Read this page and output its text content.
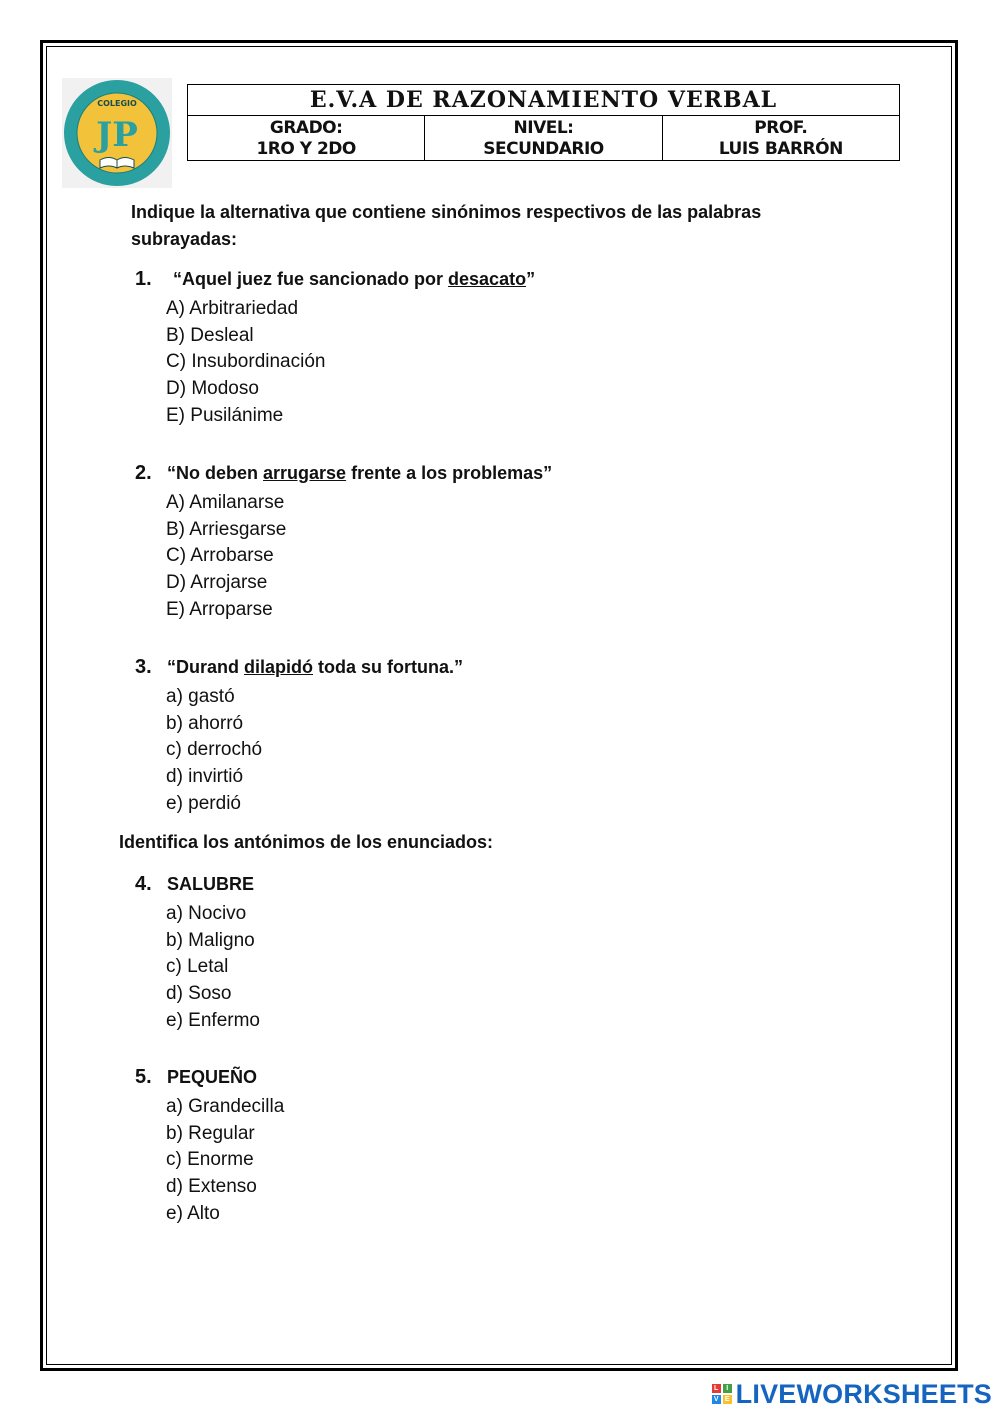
COLEGIO
JP
E.V.A DE RAZONAMIENTO VERBAL
GRADO:
1RO Y 2DO
NIVEL:
SECUNDARIO
PROF.
LUIS BARRÓN
Indique la alternativa que contiene sinónimos respectivos de las palabras
subrayadas:
1.	“Aquel juez fue sancionado por desacato”
A) Arbitrariedad
B) Desleal
C) Insubordinación
D) Modoso
E) Pusilánime
2. “No deben arrugarse frente a los problemas”
A) Amilanarse
B) Arriesgarse
C) Arrobarse
D) Arrojarse
E) Arroparse
3. “Durand dilapidó toda su fortuna.”
a) gastó
b) ahorró
c) derrochó
d) invirtió
e) perdió
Identifica los antónimos de los enunciados:
4. SALUBRE
a) Nocivo
b) Maligno
c) Letal
d) Soso
e) Enfermo
5. PEQUEÑO
a) Grandecilla
b) Regular
c) Enorme
d) Extenso
e) Alto
L	I
V E LIVEWORKSHEETS
